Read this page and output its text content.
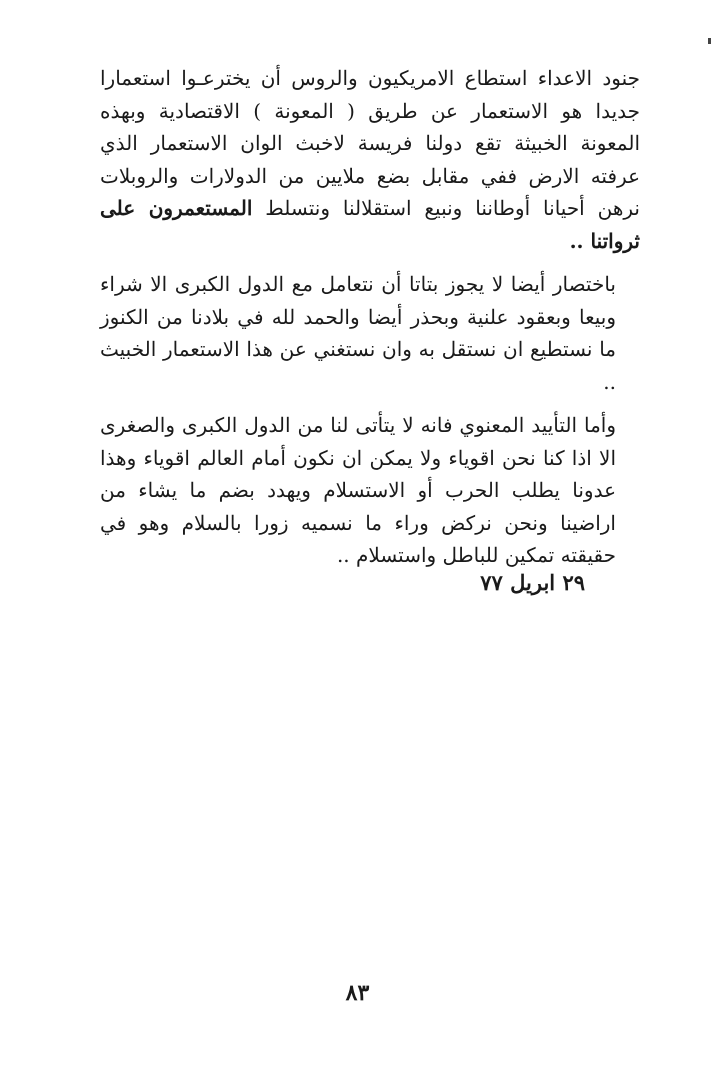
جنود الاعداء استطاع الامريكيون والروس أن يخترعـوا استعمارا جديدا هو الاستعمار عن طريق ( المعونة ) الاقتصادية وبهذه المعونة الخبيثة تقع دولنا فريسة لاخبث الوان الاستعمار الذي عرفته الارض ففي مقابل بضع ملايين من الدولارات والروبلات نرهن أحيانا أوطاننا ونبيع استقلالنا ونتسلط المستعمرون على ثرواتنا ..

باختصار أيضا لا يجوز بتاتا أن نتعامل مع الدول الكبرى الا شراء وبيعا وبعقود علنية وبحذر أيضا والحمد لله في بلادنا من الكنوز ما نستطيع ان نستقل به وان نستغني عن هذا الاستعمار الخبيث ..

وأما التأييد المعنوي فانه لا يتأتى لنا من الدول الكبرى والصغرى الا اذا كنا نحن اقوياء ولا يمكن ان نكون أمام العالم اقوياء وهذا عدونا يطلب الحرب أو الاستسلام ويهدد بضم ما يشاء من اراضينا ونحن نركض وراء ما نسميه زورا بالسلام وهو في حقيقته تمكين للباطل واستسلام ..

٢٩ ابريل ٧٧
٨٣
